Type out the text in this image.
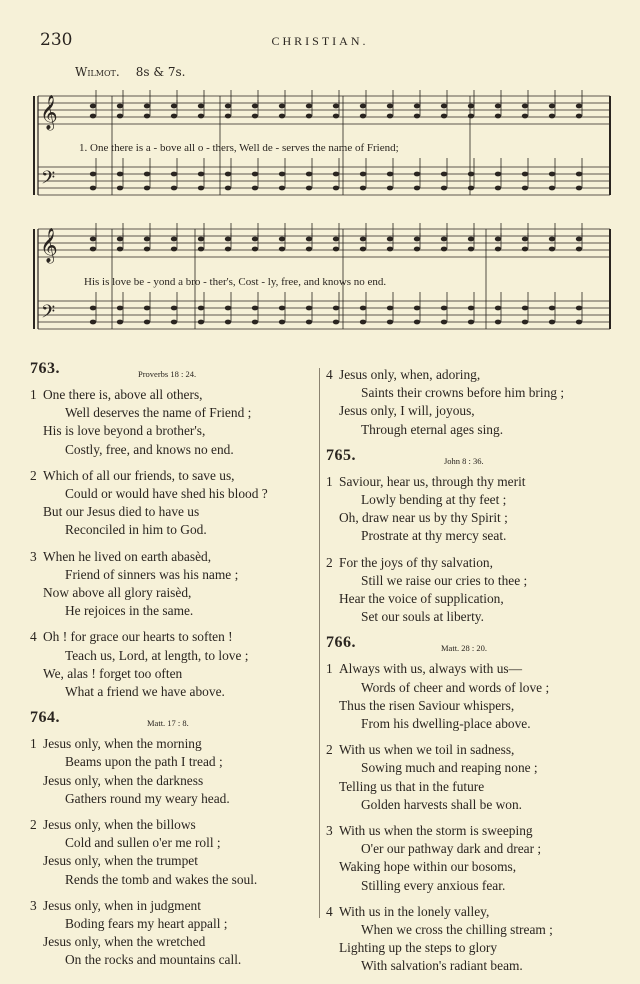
230	CHRISTIAN.
Wilmot. 8s & 7s.
𝄞
𝄢
𝄞
𝄢
1. One there is a - bove all o - thers, Well de - serves the name of Friend;
His is love be - yond a bro - ther's, Cost - ly, free, and knows no end.
763.	Proverbs 18 : 24.
1 One there is, above all others,
Well deserves the name of Friend ;
His is love beyond a brother's,
Costly, free, and knows no end.
2 Which of all our friends, to save us,
Could or would have shed his blood ?
But our Jesus died to have us
Reconciled in him to God.
3 When he lived on earth abasèd,
Friend of sinners was his name ;
Now above all glory raisèd,
He rejoices in the same.
4 Oh ! for grace our hearts to soften !
Teach us, Lord, at length, to love ;
We, alas ! forget too often
What a friend we have above.
764.	Matt. 17 : 8.
1 Jesus only, when the morning
Beams upon the path I tread ;
Jesus only, when the darkness
Gathers round my weary head.
2 Jesus only, when the billows
Cold and sullen o'er me roll ;
Jesus only, when the trumpet
Rends the tomb and wakes the soul.
3 Jesus only, when in judgment
Boding fears my heart appall ;
Jesus only, when the wretched
On the rocks and mountains call.
4 Jesus only, when, adoring,
Saints their crowns before him bring ;
Jesus only, I will, joyous,
Through eternal ages sing.
765.	John 8 : 36.
1 Saviour, hear us, through thy merit
Lowly bending at thy feet ;
Oh, draw near us by thy Spirit ;
Prostrate at thy mercy seat.
2 For the joys of thy salvation,
Still we raise our cries to thee ;
Hear the voice of supplication,
Set our souls at liberty.
766.	Matt. 28 : 20.
1 Always with us, always with us—
Words of cheer and words of love ;
Thus the risen Saviour whispers,
From his dwelling-place above.
2 With us when we toil in sadness,
Sowing much and reaping none ;
Telling us that in the future
Golden harvests shall be won.
3 With us when the storm is sweeping
O'er our pathway dark and drear ;
Waking hope within our bosoms,
Stilling every anxious fear.
4 With us in the lonely valley,
When we cross the chilling stream ;
Lighting up the steps to glory
With salvation's radiant beam.
